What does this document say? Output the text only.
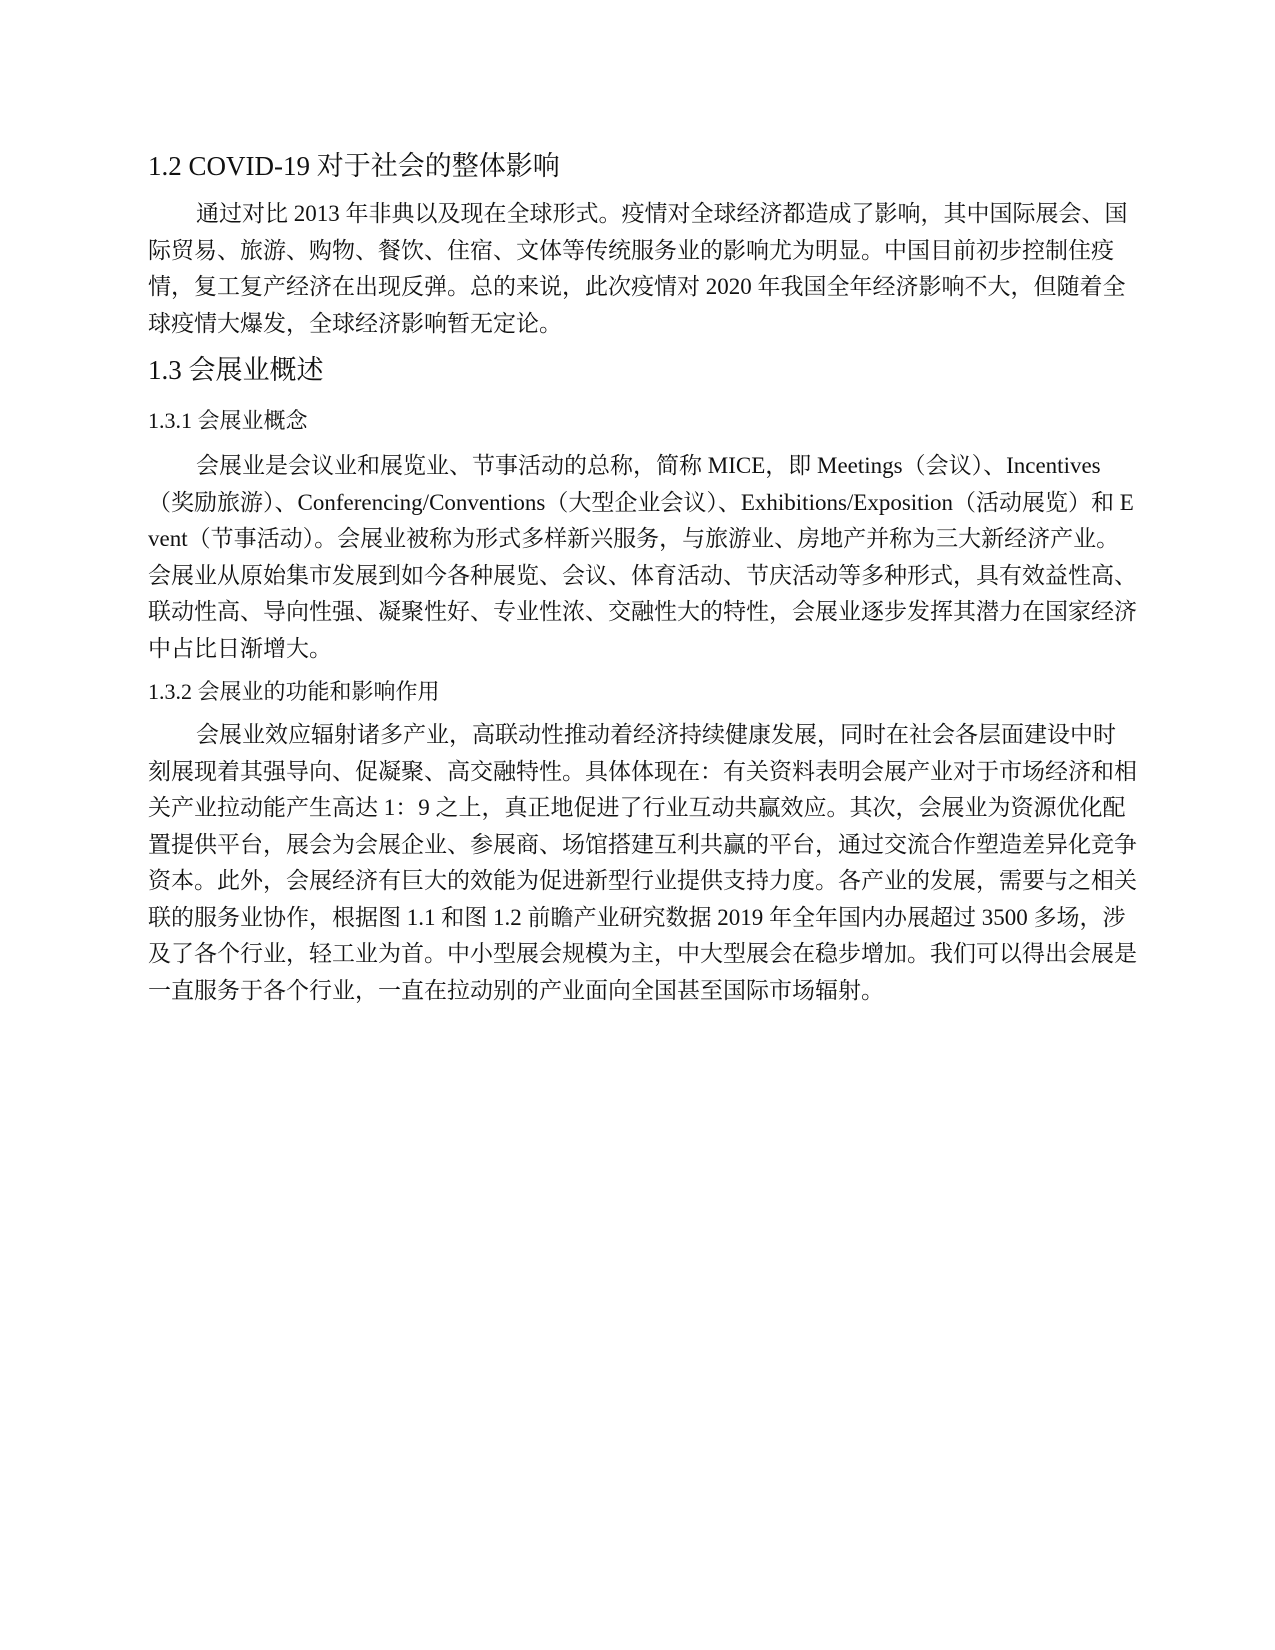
1.2 COVID-19 对于社会的整体影响

通过对比 2013 年非典以及现在全球形式。疫情对全球经济都造成了影响，其中国际展会、国际贸易、旅游、购物、餐饮、住宿、文体等传统服务业的影响尤为明显。中国目前初步控制住疫情，复工复产经济在出现反弹。总的来说，此次疫情对 2020 年我国全年经济影响不大，但随着全球疫情大爆发，全球经济影响暂无定论。

1.3 会展业概述
1.3.1 会展业概念

会展业是会议业和展览业、节事活动的总称，简称 MICE，即 Meetings（会议）、Incentives（奖励旅游）、Conferencing/Conventions（大型企业会议）、Exhibitions/Exposition（活动展览）和 Event（节事活动）。会展业被称为形式多样新兴服务，与旅游业、房地产并称为三大新经济产业。会展业从原始集市发展到如今各种展览、会议、体育活动、节庆活动等多种形式，具有效益性高、联动性高、导向性强、凝聚性好、专业性浓、交融性大的特性，会展业逐步发挥其潜力在国家经济中占比日渐增大。

1.3.2 会展业的功能和影响作用

会展业效应辐射诸多产业，高联动性推动着经济持续健康发展，同时在社会各层面建设中时刻展现着其强导向、促凝聚、高交融特性。具体体现在：有关资料表明会展产业对于市场经济和相关产业拉动能产生高达 1：9 之上，真正地促进了行业互动共赢效应。其次，会展业为资源优化配置提供平台，展会为会展企业、参展商、场馆搭建互利共赢的平台，通过交流合作塑造差异化竞争资本。此外，会展经济有巨大的效能为促进新型行业提供支持力度。各产业的发展，需要与之相关联的服务业协作，根据图 1.1 和图 1.2 前瞻产业研究数据 2019 年全年国内办展超过 3500 多场，涉及了各个行业，轻工业为首。中小型展会规模为主，中大型展会在稳步增加。我们可以得出会展是一直服务于各个行业，一直在拉动别的产业面向全国甚至国际市场辐射。
